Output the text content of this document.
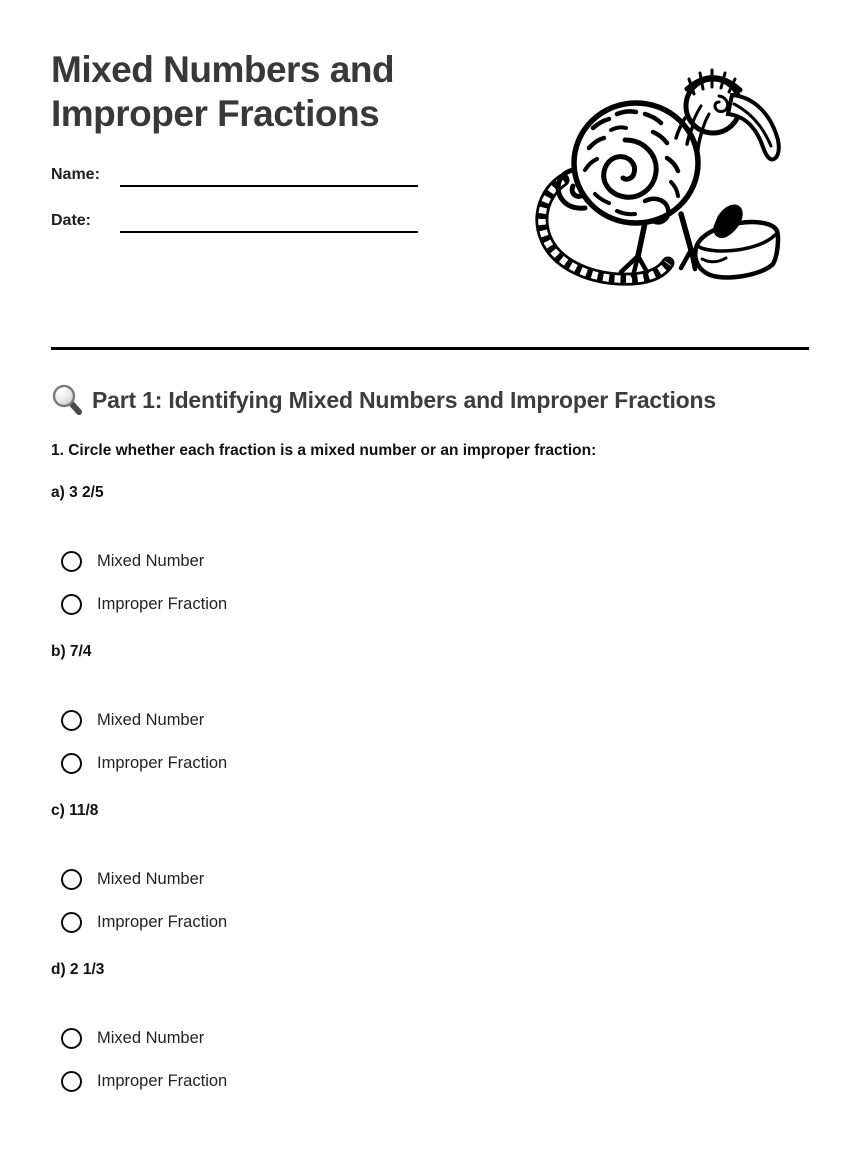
Mixed Numbers and Improper Fractions
Name:
Date:
Part 1: Identifying Mixed Numbers and Improper Fractions
1. Circle whether each fraction is a mixed number or an improper fraction:
a) 3 2/5
Mixed Number
Improper Fraction
b) 7/4
Mixed Number
Improper Fraction
c) 11/8
Mixed Number
Improper Fraction
d) 2 1/3
Mixed Number
Improper Fraction
